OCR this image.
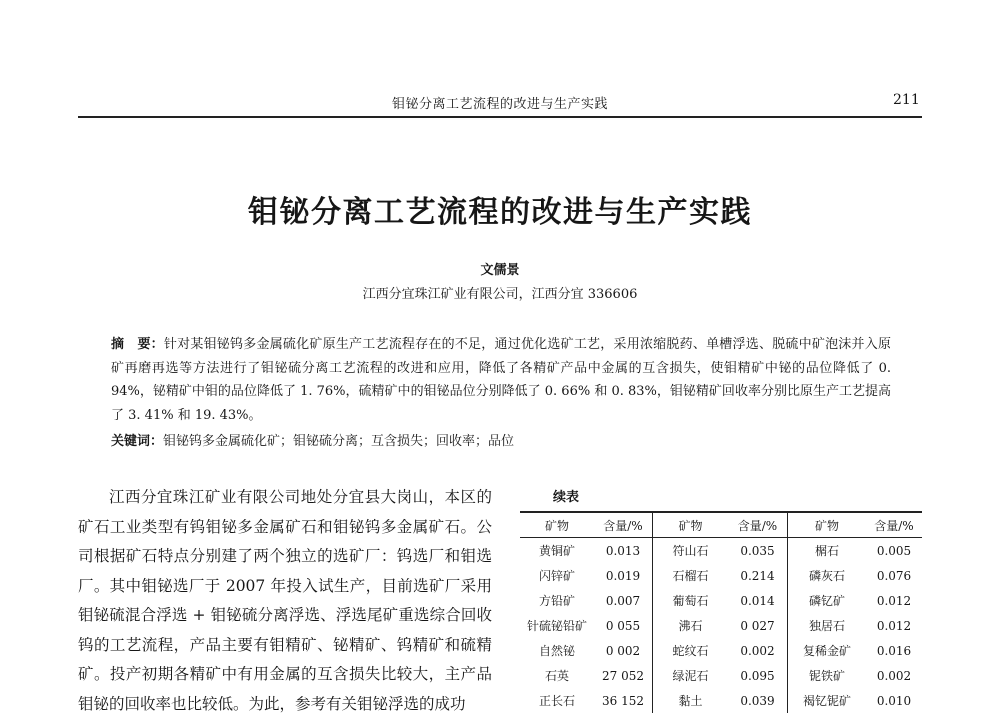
钼铋分离工艺流程的改进与生产实践	211
钼铋分离工艺流程的改进与生产实践
文儒景
江西分宜珠江矿业有限公司，江西分宜 336606
摘　要：针对某钼铋钨多金属硫化矿原生产工艺流程存在的不足，通过优化选矿工艺，采用浓缩脱药、单槽浮选、脱硫中矿泡沫并入原矿再磨再选等方法进行了钼铋硫分离工艺流程的改进和应用，降低了各精矿产品中金属的互含损失，使钼精矿中铋的品位降低了 0. 94%，铋精矿中钼的品位降低了 1. 76%，硫精矿中的钼铋品位分别降低了 0. 66% 和 0. 83%，钼铋精矿回收率分别比原生产工艺提高了 3. 41% 和 19. 43%。
关键词：钼铋钨多金属硫化矿；钼铋硫分离；互含损失；回收率；品位

江西分宜珠江矿业有限公司地处分宜县大岗山，本区的矿石工业类型有钨钼铋多金属矿石和钼铋钨多金属矿石。公司根据矿石特点分别建了两个独立的选矿厂：钨选厂和钼选厂。其中钼铋选厂于 2007 年投入试生产，目前选矿厂采用钼铋硫混合浮选 + 钼铋硫分离浮选、浮选尾矿重选综合回收钨的工艺流程，产品主要有钼精矿、铋精矿、钨精矿和硫精矿。投产初期各精矿中有用金属的互含损失比较大，主产品钼铋的回收率也比较低。为此，参考有关钼铋浮选的成功

续表
矿物	含量/%	矿物	含量/%	矿物	含量/%
黄铜矿	0.013	符山石	0.035	榍石	0.005
闪锌矿	0.019	石榴石	0.214	磷灰石	0.076
方铅矿	0.007	葡萄石	0.014	磷钇矿	0.012
针硫铋铅矿	0 055	沸石	0 027	独居石	0.012
自然铋	0 002	蛇纹石	0.002	复稀金矿	0.016
石英	27 052	绿泥石	0.095	铌铁矿	0.002
正长石	36 152	黏土	0.039	褐钇铌矿	0.010
